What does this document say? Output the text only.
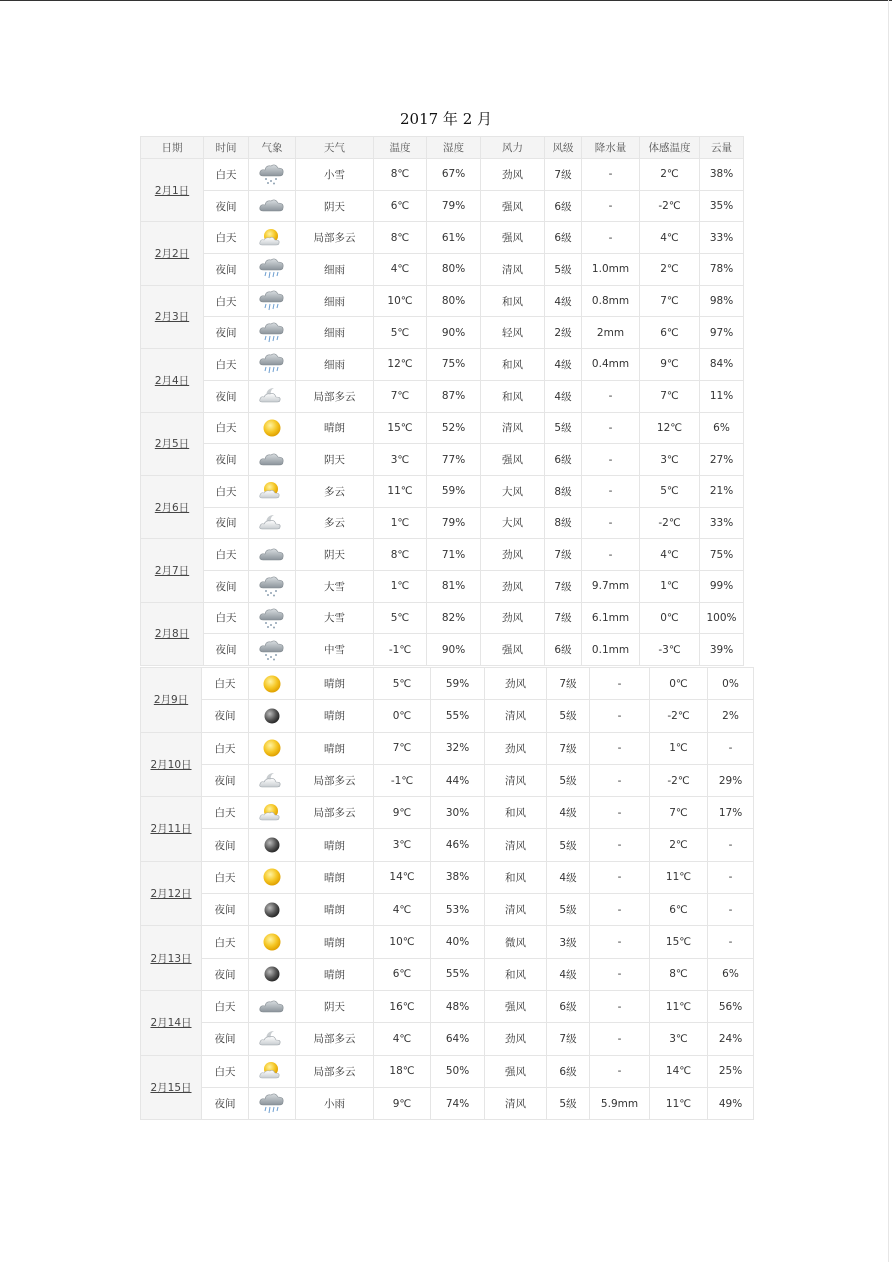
2017 年 2 月
日期	时间	气象	天气	温度	湿度	风力	风级	降水量	体感温度	云量
2月1日	白天		小雪	8℃	67%	劲风	7级	-	2℃	38%
	夜间		阴天	6℃	79%	强风	6级	-	-2℃	35%
2月2日	白天		局部多云	8℃	61%	强风	6级	-	4℃	33%
	夜间		细雨	4℃	80%	清风	5级	1.0mm	2℃	78%
2月3日	白天		细雨	10℃	80%	和风	4级	0.8mm	7℃	98%
	夜间		细雨	5℃	90%	轻风	2级	2mm	6℃	97%
2月4日	白天		细雨	12℃	75%	和风	4级	0.4mm	9℃	84%
	夜间		局部多云	7℃	87%	和风	4级	-	7℃	11%
2月5日	白天		晴朗	15℃	52%	清风	5级	-	12℃	6%
	夜间		阴天	3℃	77%	强风	6级	-	3℃	27%
2月6日	白天		多云	11℃	59%	大风	8级	-	5℃	21%
	夜间		多云	1℃	79%	大风	8级	-	-2℃	33%
2月7日	白天		阴天	8℃	71%	劲风	7级	-	4℃	75%
	夜间		大雪	1℃	81%	劲风	7级	9.7mm	1℃	99%
2月8日	白天		大雪	5℃	82%	劲风	7级	6.1mm	0℃	100%
	夜间		中雪	-1℃	90%	强风	6级	0.1mm	-3℃	39%
2月9日	白天		晴朗	5℃	59%	劲风	7级	-	0℃	0%
	夜间		晴朗	0℃	55%	清风	5级	-	-2℃	2%
2月10日	白天		晴朗	7℃	32%	劲风	7级	-	1℃	-
	夜间		局部多云	-1℃	44%	清风	5级	-	-2℃	29%
2月11日	白天		局部多云	9℃	30%	和风	4级	-	7℃	17%
	夜间		晴朗	3℃	46%	清风	5级	-	2℃	-
2月12日	白天		晴朗	14℃	38%	和风	4级	-	11℃	-
	夜间		晴朗	4℃	53%	清风	5级	-	6℃	-
2月13日	白天		晴朗	10℃	40%	微风	3级	-	15℃	-
	夜间		晴朗	6℃	55%	和风	4级	-	8℃	6%
2月14日	白天		阴天	16℃	48%	强风	6级	-	11℃	56%
	夜间		局部多云	4℃	64%	劲风	7级	-	3℃	24%
2月15日	白天		局部多云	18℃	50%	强风	6级	-	14℃	25%
	夜间		小雨	9℃	74%	清风	5级	5.9mm	11℃	49%
